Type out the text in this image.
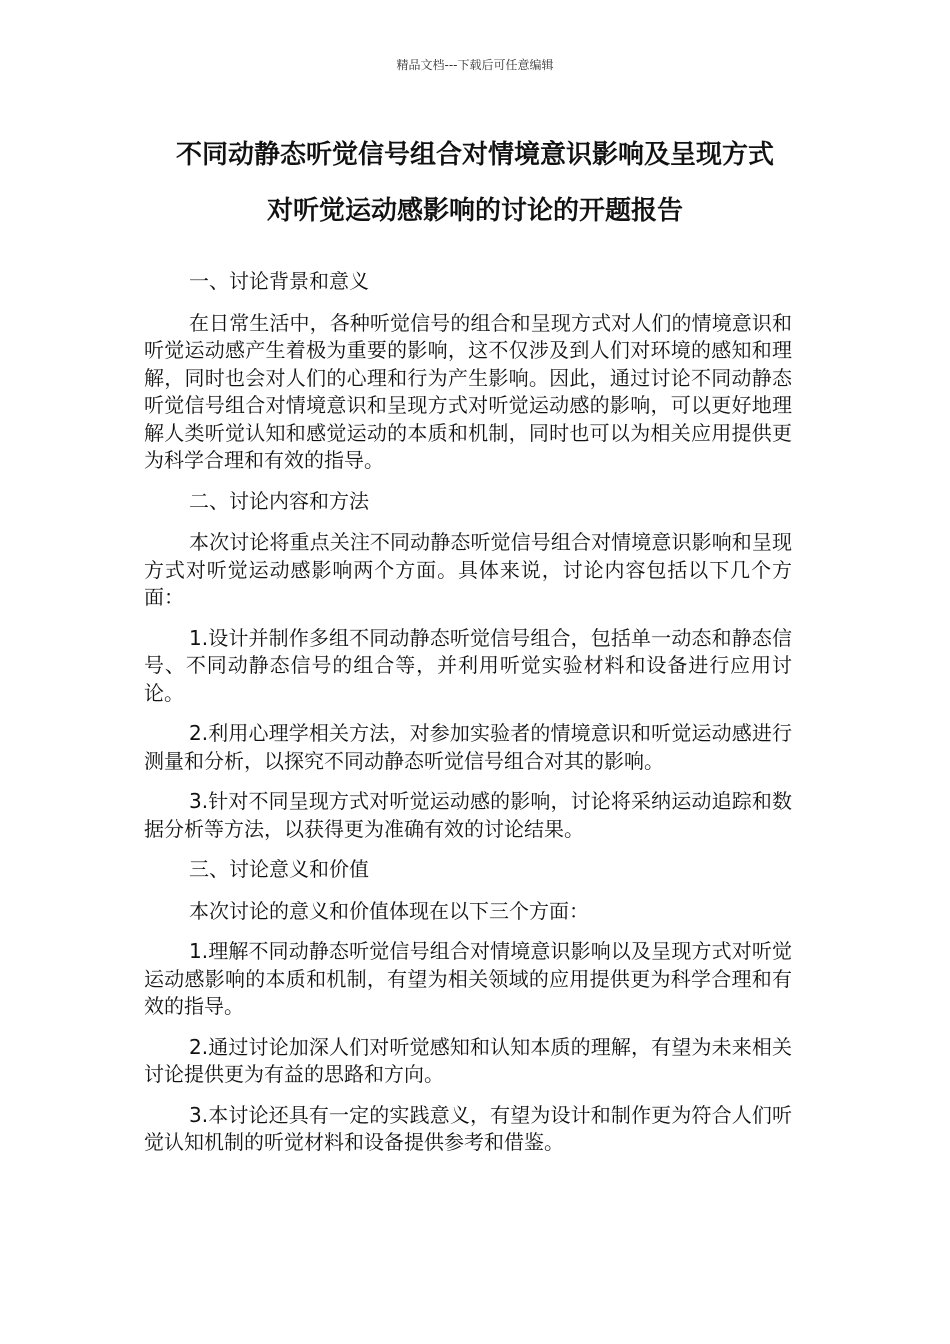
精品文档---下载后可任意编辑
不同动静态听觉信号组合对情境意识影响及呈现方式
对听觉运动感影响的讨论的开题报告

一、讨论背景和意义

在日常生活中，各种听觉信号的组合和呈现方式对人们的情境意识和听觉运动感产生着极为重要的影响，这不仅涉及到人们对环境的感知和理解，同时也会对人们的心理和行为产生影响。因此，通过讨论不同动静态听觉信号组合对情境意识和呈现方式对听觉运动感的影响，可以更好地理解人类听觉认知和感觉运动的本质和机制，同时也可以为相关应用提供更为科学合理和有效的指导。

二、讨论内容和方法

本次讨论将重点关注不同动静态听觉信号组合对情境意识影响和呈现方式对听觉运动感影响两个方面。具体来说，讨论内容包括以下几个方面：

1.设计并制作多组不同动静态听觉信号组合，包括单一动态和静态信号、不同动静态信号的组合等，并利用听觉实验材料和设备进行应用讨论。

2.利用心理学相关方法，对参加实验者的情境意识和听觉运动感进行测量和分析，以探究不同动静态听觉信号组合对其的影响。

3.针对不同呈现方式对听觉运动感的影响，讨论将采纳运动追踪和数据分析等方法，以获得更为准确有效的讨论结果。

三、讨论意义和价值

本次讨论的意义和价值体现在以下三个方面：

1.理解不同动静态听觉信号组合对情境意识影响以及呈现方式对听觉运动感影响的本质和机制，有望为相关领域的应用提供更为科学合理和有效的指导。

2.通过讨论加深人们对听觉感知和认知本质的理解，有望为未来相关讨论提供更为有益的思路和方向。

3.本讨论还具有一定的实践意义，有望为设计和制作更为符合人们听觉认知机制的听觉材料和设备提供参考和借鉴。
